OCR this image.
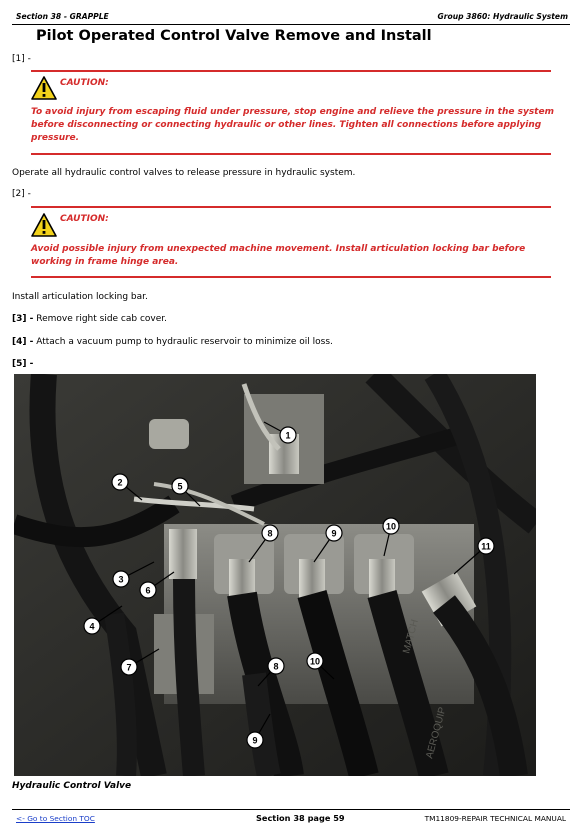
Section 38 - GRAPPLE	Group 3860: Hydraulic System
Pilot Operated Control Valve Remove and Install
[1] -
CAUTION:
To avoid injury from escaping fluid under pressure, stop engine and relieve the pressure in the system before disconnecting or connecting hydraulic or other lines. Tighten all connections before applying pressure.
Operate all hydraulic control valves to release pressure in hydraulic system.
[2] -
CAUTION:
Avoid possible injury from unexpected machine movement. Install articulation locking bar before working in frame hinge area.
Install articulation locking bar.
[3] - Remove right side cab cover.
[4] - Attach a vacuum pump to hydraulic reservoir to minimize oil loss.
[5] -
MATCH
AEROQUIP
1
2
3
4
5
6
7
8	9
10
11
8
9
10
Hydraulic Control Valve
<- Go to Section TOC	Section 38 page 59	TM11809-REPAIR TECHNICAL MANUAL
